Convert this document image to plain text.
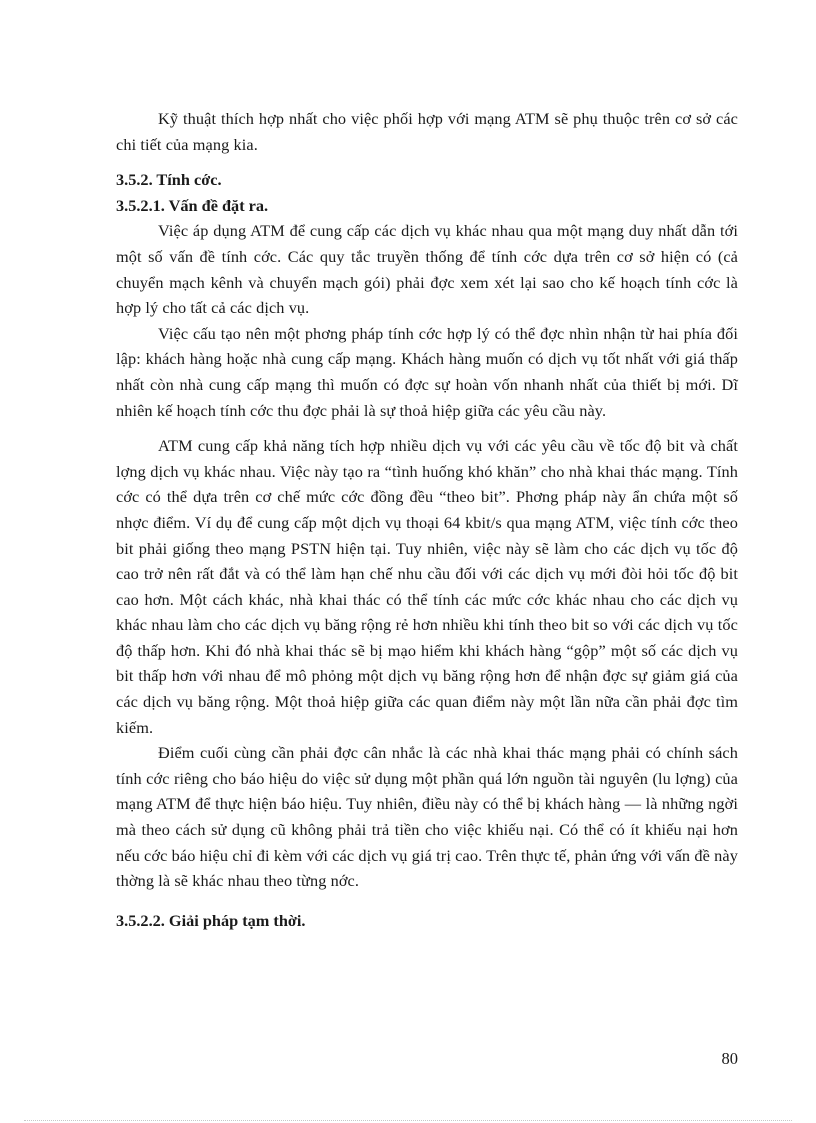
Kỹ thuật thích hợp nhất cho việc phối hợp với mạng ATM sẽ phụ thuộc trên cơ sở các chi tiết của mạng kia.

3.5.2. Tính cớc.

3.5.2.1. Vấn đề đặt ra.

Việc áp dụng ATM để cung cấp các dịch vụ khác nhau qua một mạng duy nhất dẫn tới một số vấn đề tính cớc. Các quy tắc truyền thống để tính cớc dựa trên cơ sở hiện có (cả chuyển mạch kênh và chuyển mạch gói) phải đợc xem xét lại sao cho kế hoạch tính cớc là hợp lý cho tất cả các dịch vụ.

Việc cấu tạo nên một phơng pháp tính cớc hợp lý có thể đợc nhìn nhận từ hai phía đối lập: khách hàng hoặc nhà cung cấp mạng. Khách hàng muốn có dịch vụ tốt nhất với giá thấp nhất còn nhà cung cấp mạng thì muốn có đợc sự hoàn vốn nhanh nhất của thiết bị mới. Dĩ nhiên kế hoạch tính cớc thu đợc phải là sự thoả hiệp giữa các yêu cầu này.

ATM cung cấp khả năng tích hợp nhiều dịch vụ với các yêu cầu về tốc độ bit và chất lợng dịch vụ khác nhau. Việc này tạo ra “tình huống khó khăn” cho nhà khai thác mạng. Tính cớc có thể dựa trên cơ chế mức cớc đồng đều “theo bit”. Phơng pháp này ẩn chứa một số nhợc điểm. Ví dụ để cung cấp một dịch vụ thoại 64 kbit/s qua mạng ATM, việc tính cớc theo bit phải giống theo mạng PSTN hiện tại. Tuy nhiên, việc này sẽ làm cho các dịch vụ tốc độ cao trở nên rất đắt và có thể làm hạn chế nhu cầu đối với các dịch vụ mới đòi hỏi tốc độ bit cao hơn. Một cách khác, nhà khai thác có thể tính các mức cớc khác nhau cho các dịch vụ khác nhau làm cho các dịch vụ băng rộng rẻ hơn nhiều khi tính theo bit so với các dịch vụ tốc độ thấp hơn. Khi đó nhà khai thác sẽ bị mạo hiểm khi khách hàng “gộp” một số các dịch vụ bit thấp hơn với nhau để mô phỏng một dịch vụ băng rộng hơn để nhận đợc sự giảm giá của các dịch vụ băng rộng. Một thoả hiệp giữa các quan điểm này một lần nữa cần phải đợc tìm kiếm.

Điểm cuối cùng cần phải đợc cân nhắc là các nhà khai thác mạng phải có chính sách tính cớc riêng cho báo hiệu do việc sử dụng một phần quá lớn nguồn tài nguyên (lu lợng) của mạng ATM để thực hiện báo hiệu. Tuy nhiên, điều này có thể bị khách hàng — là những ngời mà theo cách sử dụng cũ không phải trả tiền cho việc khiếu nại. Có thể có ít khiếu nại hơn nếu cớc báo hiệu chỉ đi kèm với các dịch vụ giá trị cao. Trên thực tế, phản ứng với vấn đề này thờng là sẽ khác nhau theo từng nớc.

3.5.2.2. Giải pháp tạm thời.

80
